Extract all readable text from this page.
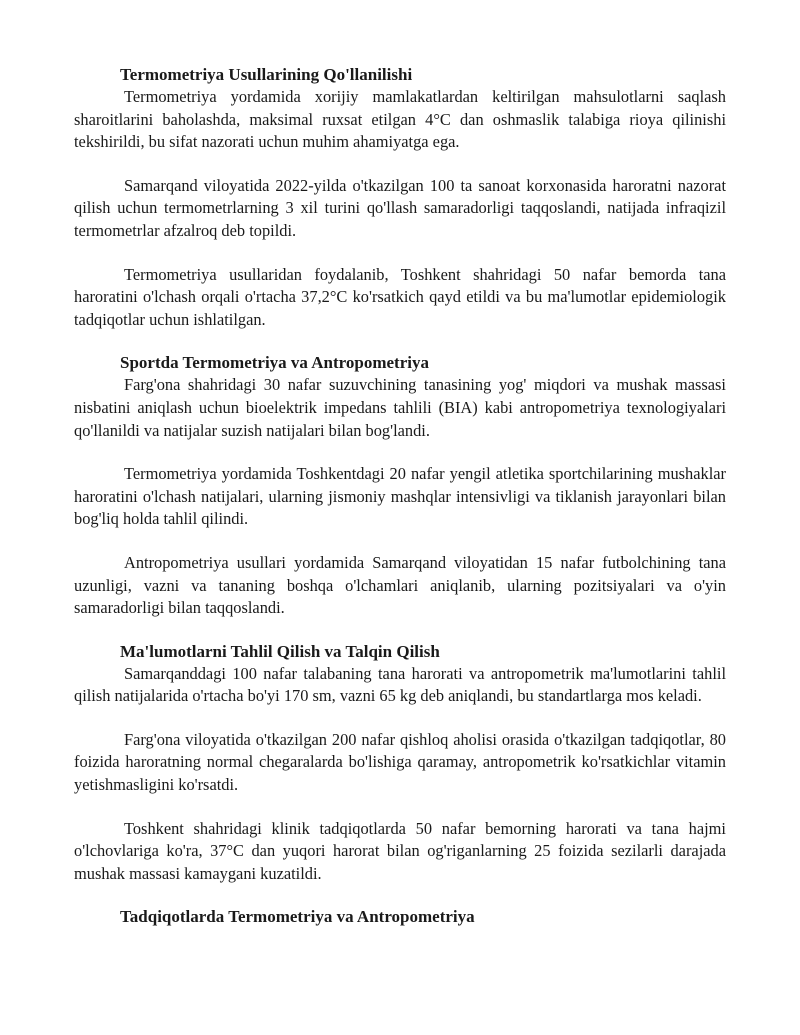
Termometriya Usullarining Qo'llanilishi

Termometriya yordamida xorijiy mamlakatlardan keltirilgan mahsulotlarni saqlash sharoitlarini baholashda, maksimal ruxsat etilgan 4°C dan oshmaslik talabiga rioya qilinishi tekshirildi, bu sifat nazorati uchun muhim ahamiyatga ega.

Samarqand viloyatida 2022-yilda o'tkazilgan 100 ta sanoat korxonasida haroratni nazorat qilish uchun termometrlarning 3 xil turini qo'llash samaradorligi taqqoslandi, natijada infraqizil termometrlar afzalroq deb topildi.

Termometriya usullaridan foydalanib, Toshkent shahridagi 50 nafar bemorda tana haroratini o'lchash orqali o'rtacha 37,2°C ko'rsatkich qayd etildi va bu ma'lumotlar epidemiologik tadqiqotlar uchun ishlatilgan.

Sportda Termometriya va Antropometriya

Farg'ona shahridagi 30 nafar suzuvchining tanasining yog' miqdori va mushak massasi nisbatini aniqlash uchun bioelektrik impedans tahlili (BIA) kabi antropometriya texnologiyalari qo'llanildi va natijalar suzish natijalari bilan bog'landi.

Termometriya yordamida Toshkentdagi 20 nafar yengil atletika sportchilarining mushaklar haroratini o'lchash natijalari, ularning jismoniy mashqlar intensivligi va tiklanish jarayonlari bilan bog'liq holda tahlil qilindi.

Antropometriya usullari yordamida Samarqand viloyatidan 15 nafar futbolchining tana uzunligi, vazni va tananing boshqa o'lchamlari aniqlanib, ularning pozitsiyalari va o'yin samaradorligi bilan taqqoslandi.

Ma'lumotlarni Tahlil Qilish va Talqin Qilish

Samarqanddagi 100 nafar talabaning tana harorati va antropometrik ma'lumotlarini tahlil qilish natijalarida o'rtacha bo'yi 170 sm, vazni 65 kg deb aniqlandi, bu standartlarga mos keladi.

Farg'ona viloyatida o'tkazilgan 200 nafar qishloq aholisi orasida o'tkazilgan tadqiqotlar, 80 foizida haroratning normal chegaralarda bo'lishiga qaramay, antropometrik ko'rsatkichlar vitamin yetishmasligini ko'rsatdi.

Toshkent shahridagi klinik tadqiqotlarda 50 nafar bemorning harorati va tana hajmi o'lchovlariga ko'ra, 37°C dan yuqori harorat bilan og'riganlarning 25 foizida sezilarli darajada mushak massasi kamaygani kuzatildi.

Tadqiqotlarda Termometriya va Antropometriya
